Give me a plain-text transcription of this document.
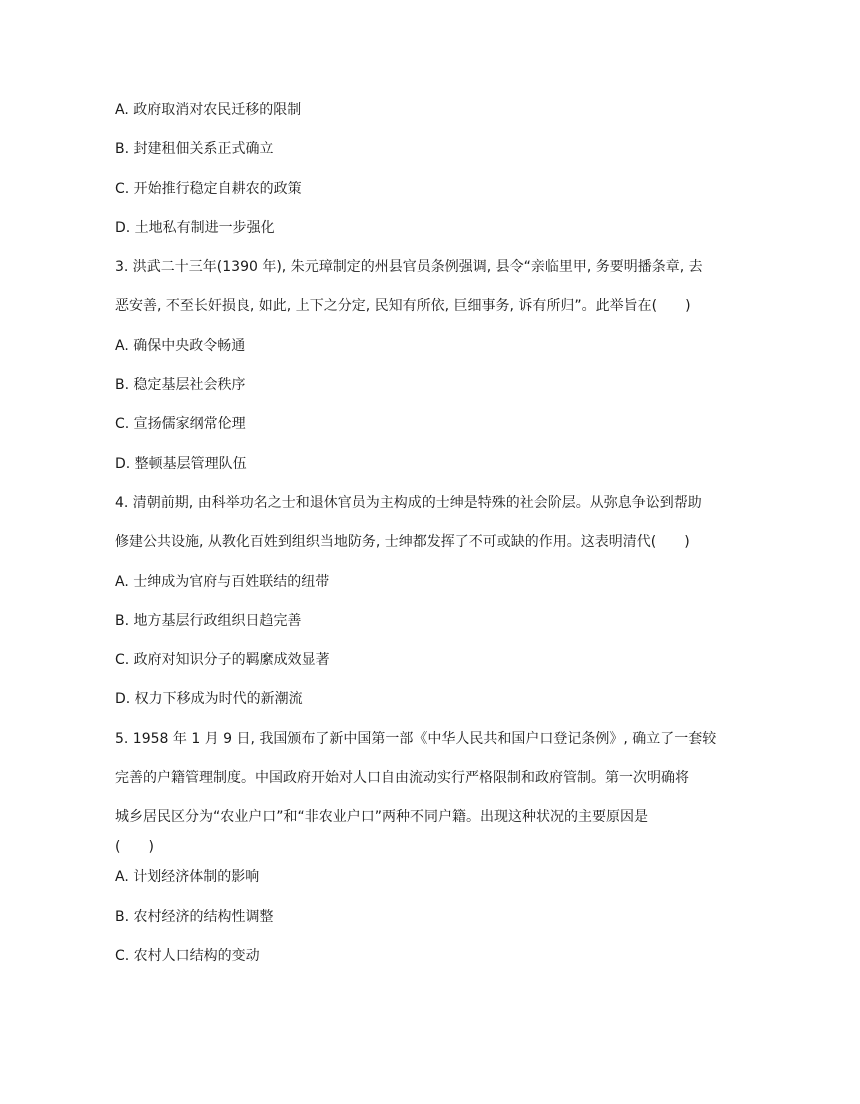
A. 政府取消对农民迁移的限制
B. 封建租佃关系正式确立
C. 开始推行稳定自耕农的政策
D. 土地私有制进一步强化
3. 洪武二十三年(1390 年), 朱元璋制定的州县官员条例强调, 县令“亲临里甲, 务要明播条章, 去
恶安善, 不至长奸损良, 如此, 上下之分定, 民知有所依, 巨细事务, 诉有所归”。此举旨在(　　)
A. 确保中央政令畅通
B. 稳定基层社会秩序
C. 宣扬儒家纲常伦理
D. 整顿基层管理队伍
4. 清朝前期, 由科举功名之士和退休官员为主构成的士绅是特殊的社会阶层。从弥息争讼到帮助
修建公共设施, 从教化百姓到组织当地防务, 士绅都发挥了不可或缺的作用。这表明清代(　　)
A. 士绅成为官府与百姓联结的纽带
B. 地方基层行政组织日趋完善
C. 政府对知识分子的羁縻成效显著
D. 权力下移成为时代的新潮流
5. 1958 年 1 月 9 日, 我国颁布了新中国第一部《中华人民共和国户口登记条例》, 确立了一套较
完善的户籍管理制度。中国政府开始对人口自由流动实行严格限制和政府管制。第一次明确将
城乡居民区分为“农业户口”和“非农业户口”两种不同户籍。出现这种状况的主要原因是
(　　)
A. 计划经济体制的影响
B. 农村经济的结构性调整
C. 农村人口结构的变动
